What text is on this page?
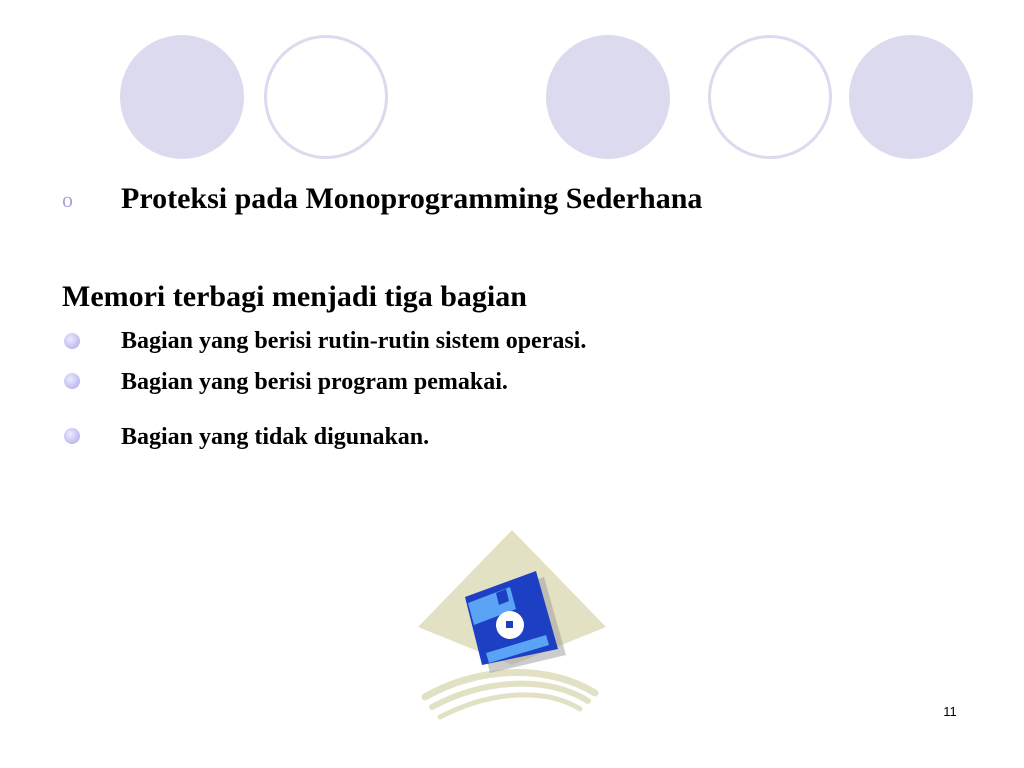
o Proteksi pada Monoprogramming Sederhana
Memori terbagi menjadi tiga bagian
Bagian yang berisi rutin-rutin sistem operasi.
Bagian yang berisi program pemakai.
Bagian yang tidak digunakan.
11
